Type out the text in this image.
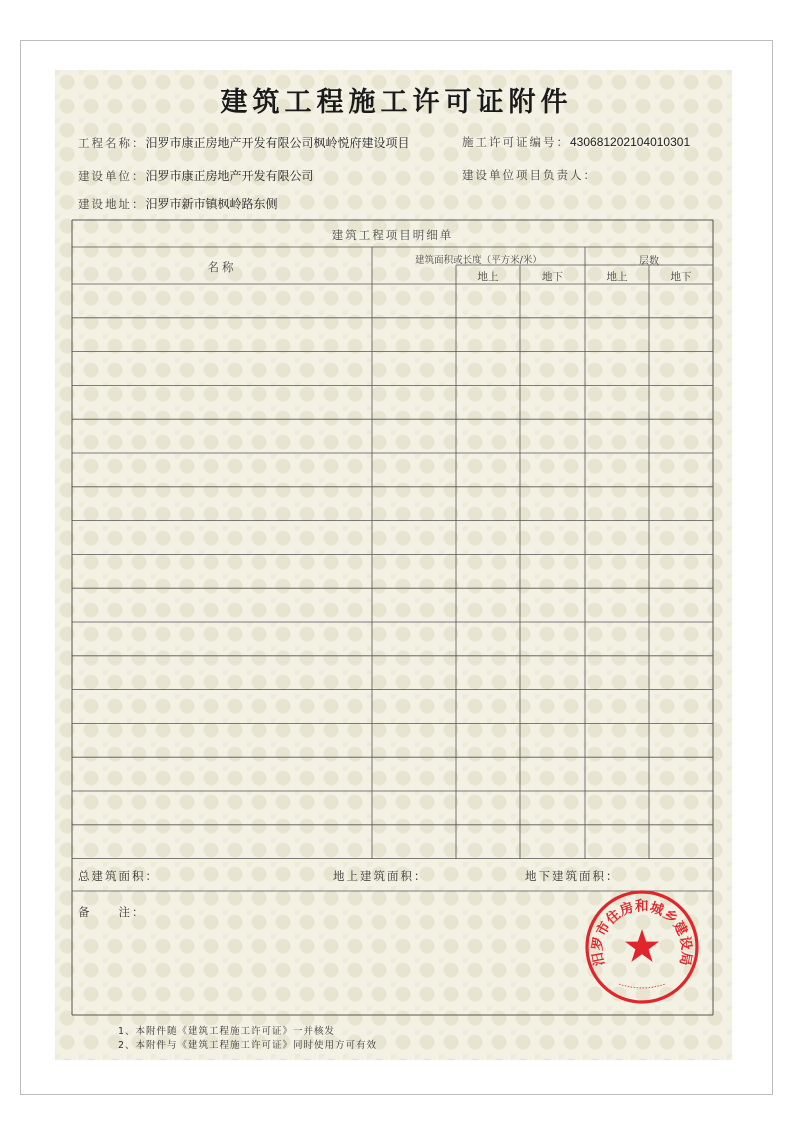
建筑工程施工许可证附件
工程名称：汨罗市康正房地产开发有限公司枫岭悦府建设项目	施工许可证编号：430681202104010301
建设单位：汨罗市康正房地产开发有限公司	建设单位项目负责人：
建设地址：汨罗市新市镇枫岭路东侧
建筑工程项目明细单
名称	建筑面积或长度（平方米/米）	层数
地上	地下	地上	地下
总建筑面积：	地上建筑面积：	地下建筑面积：
备　　注：
1、本附件随《建筑工程施工许可证》一并核发
2、本附件与《建筑工程施工许可证》同时使用方可有效
汨罗市住房和城乡建设局
